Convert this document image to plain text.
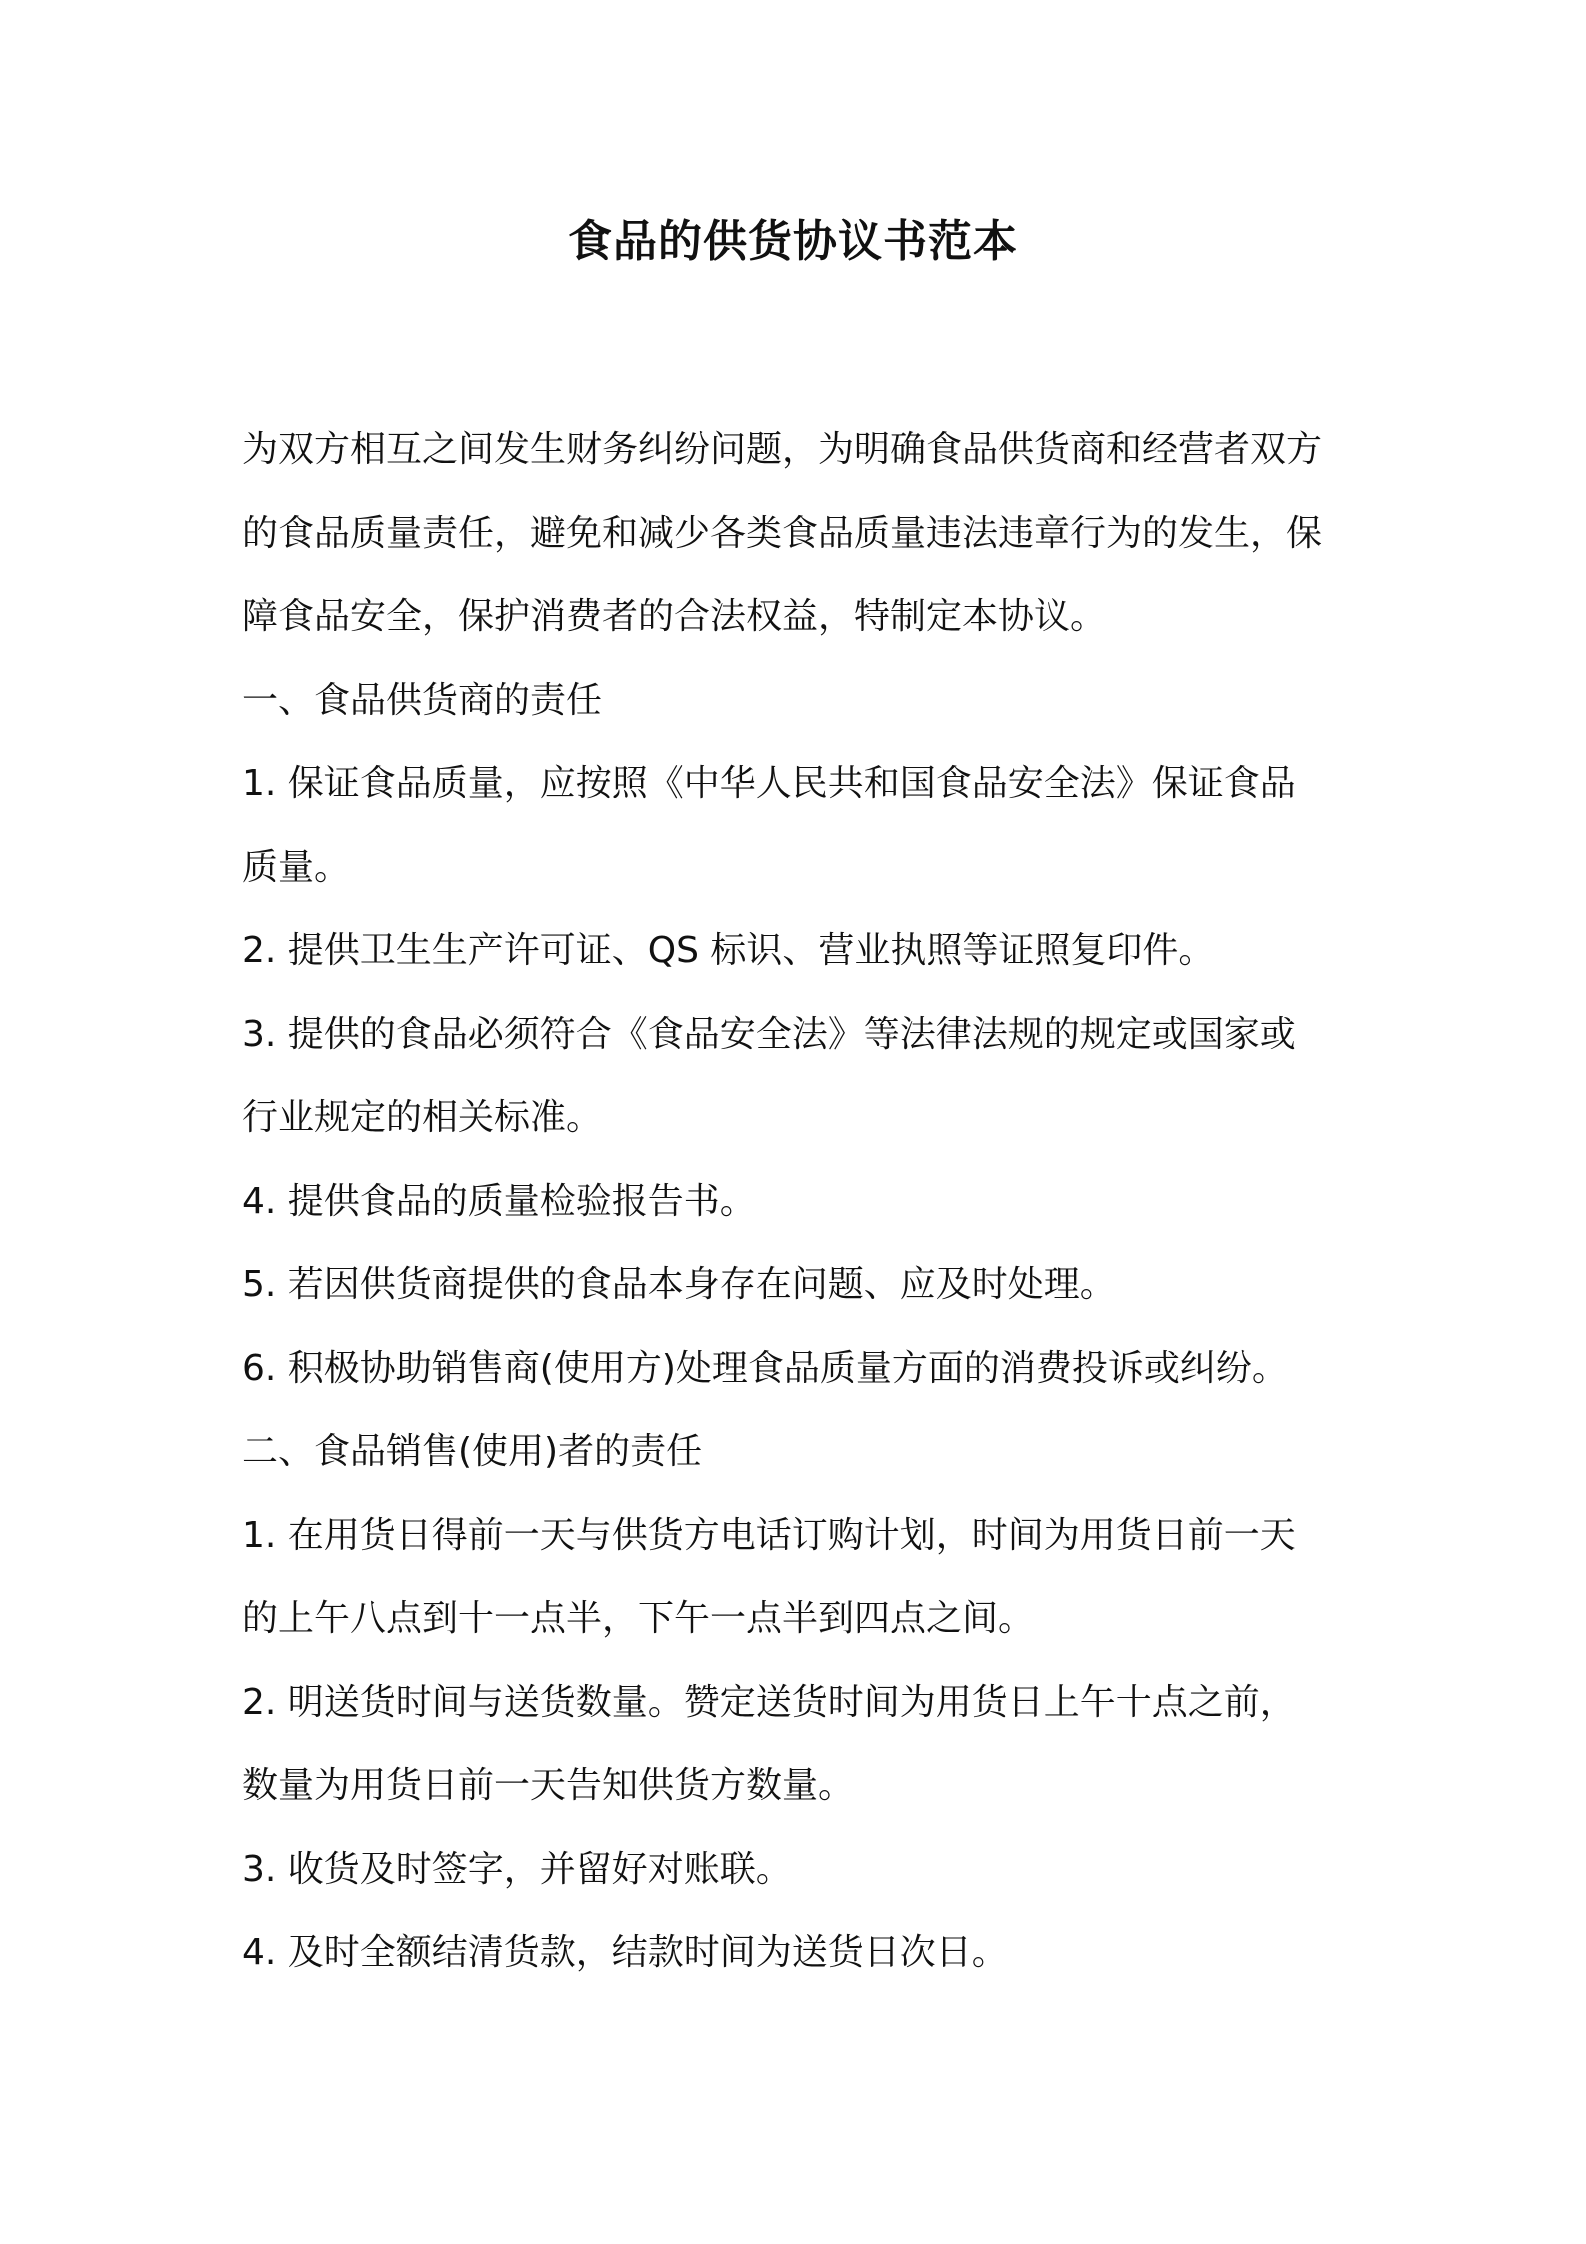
食品的供货协议书范本
为双方相互之间发生财务纠纷问题，为明确食品供货商和经营者双方
的食品质量责任，避免和减少各类食品质量违法违章行为的发生，保
障食品安全，保护消费者的合法权益，特制定本协议。
一、食品供货商的责任
1. 保证食品质量，应按照《中华人民共和国食品安全法》保证食品
质量。
2. 提供卫生生产许可证、QS 标识、营业执照等证照复印件。
3. 提供的食品必须符合《食品安全法》等法律法规的规定或国家或
行业规定的相关标准。
4. 提供食品的质量检验报告书。
5. 若因供货商提供的食品本身存在问题、应及时处理。
6. 积极协助销售商(使用方)处理食品质量方面的消费投诉或纠纷。
二、食品销售(使用)者的责任
1. 在用货日得前一天与供货方电话订购计划，时间为用货日前一天
的上午八点到十一点半，下午一点半到四点之间。
2. 明送货时间与送货数量。赞定送货时间为用货日上午十点之前，
数量为用货日前一天告知供货方数量。
3. 收货及时签字，并留好对账联。
4. 及时全额结清货款，结款时间为送货日次日。
